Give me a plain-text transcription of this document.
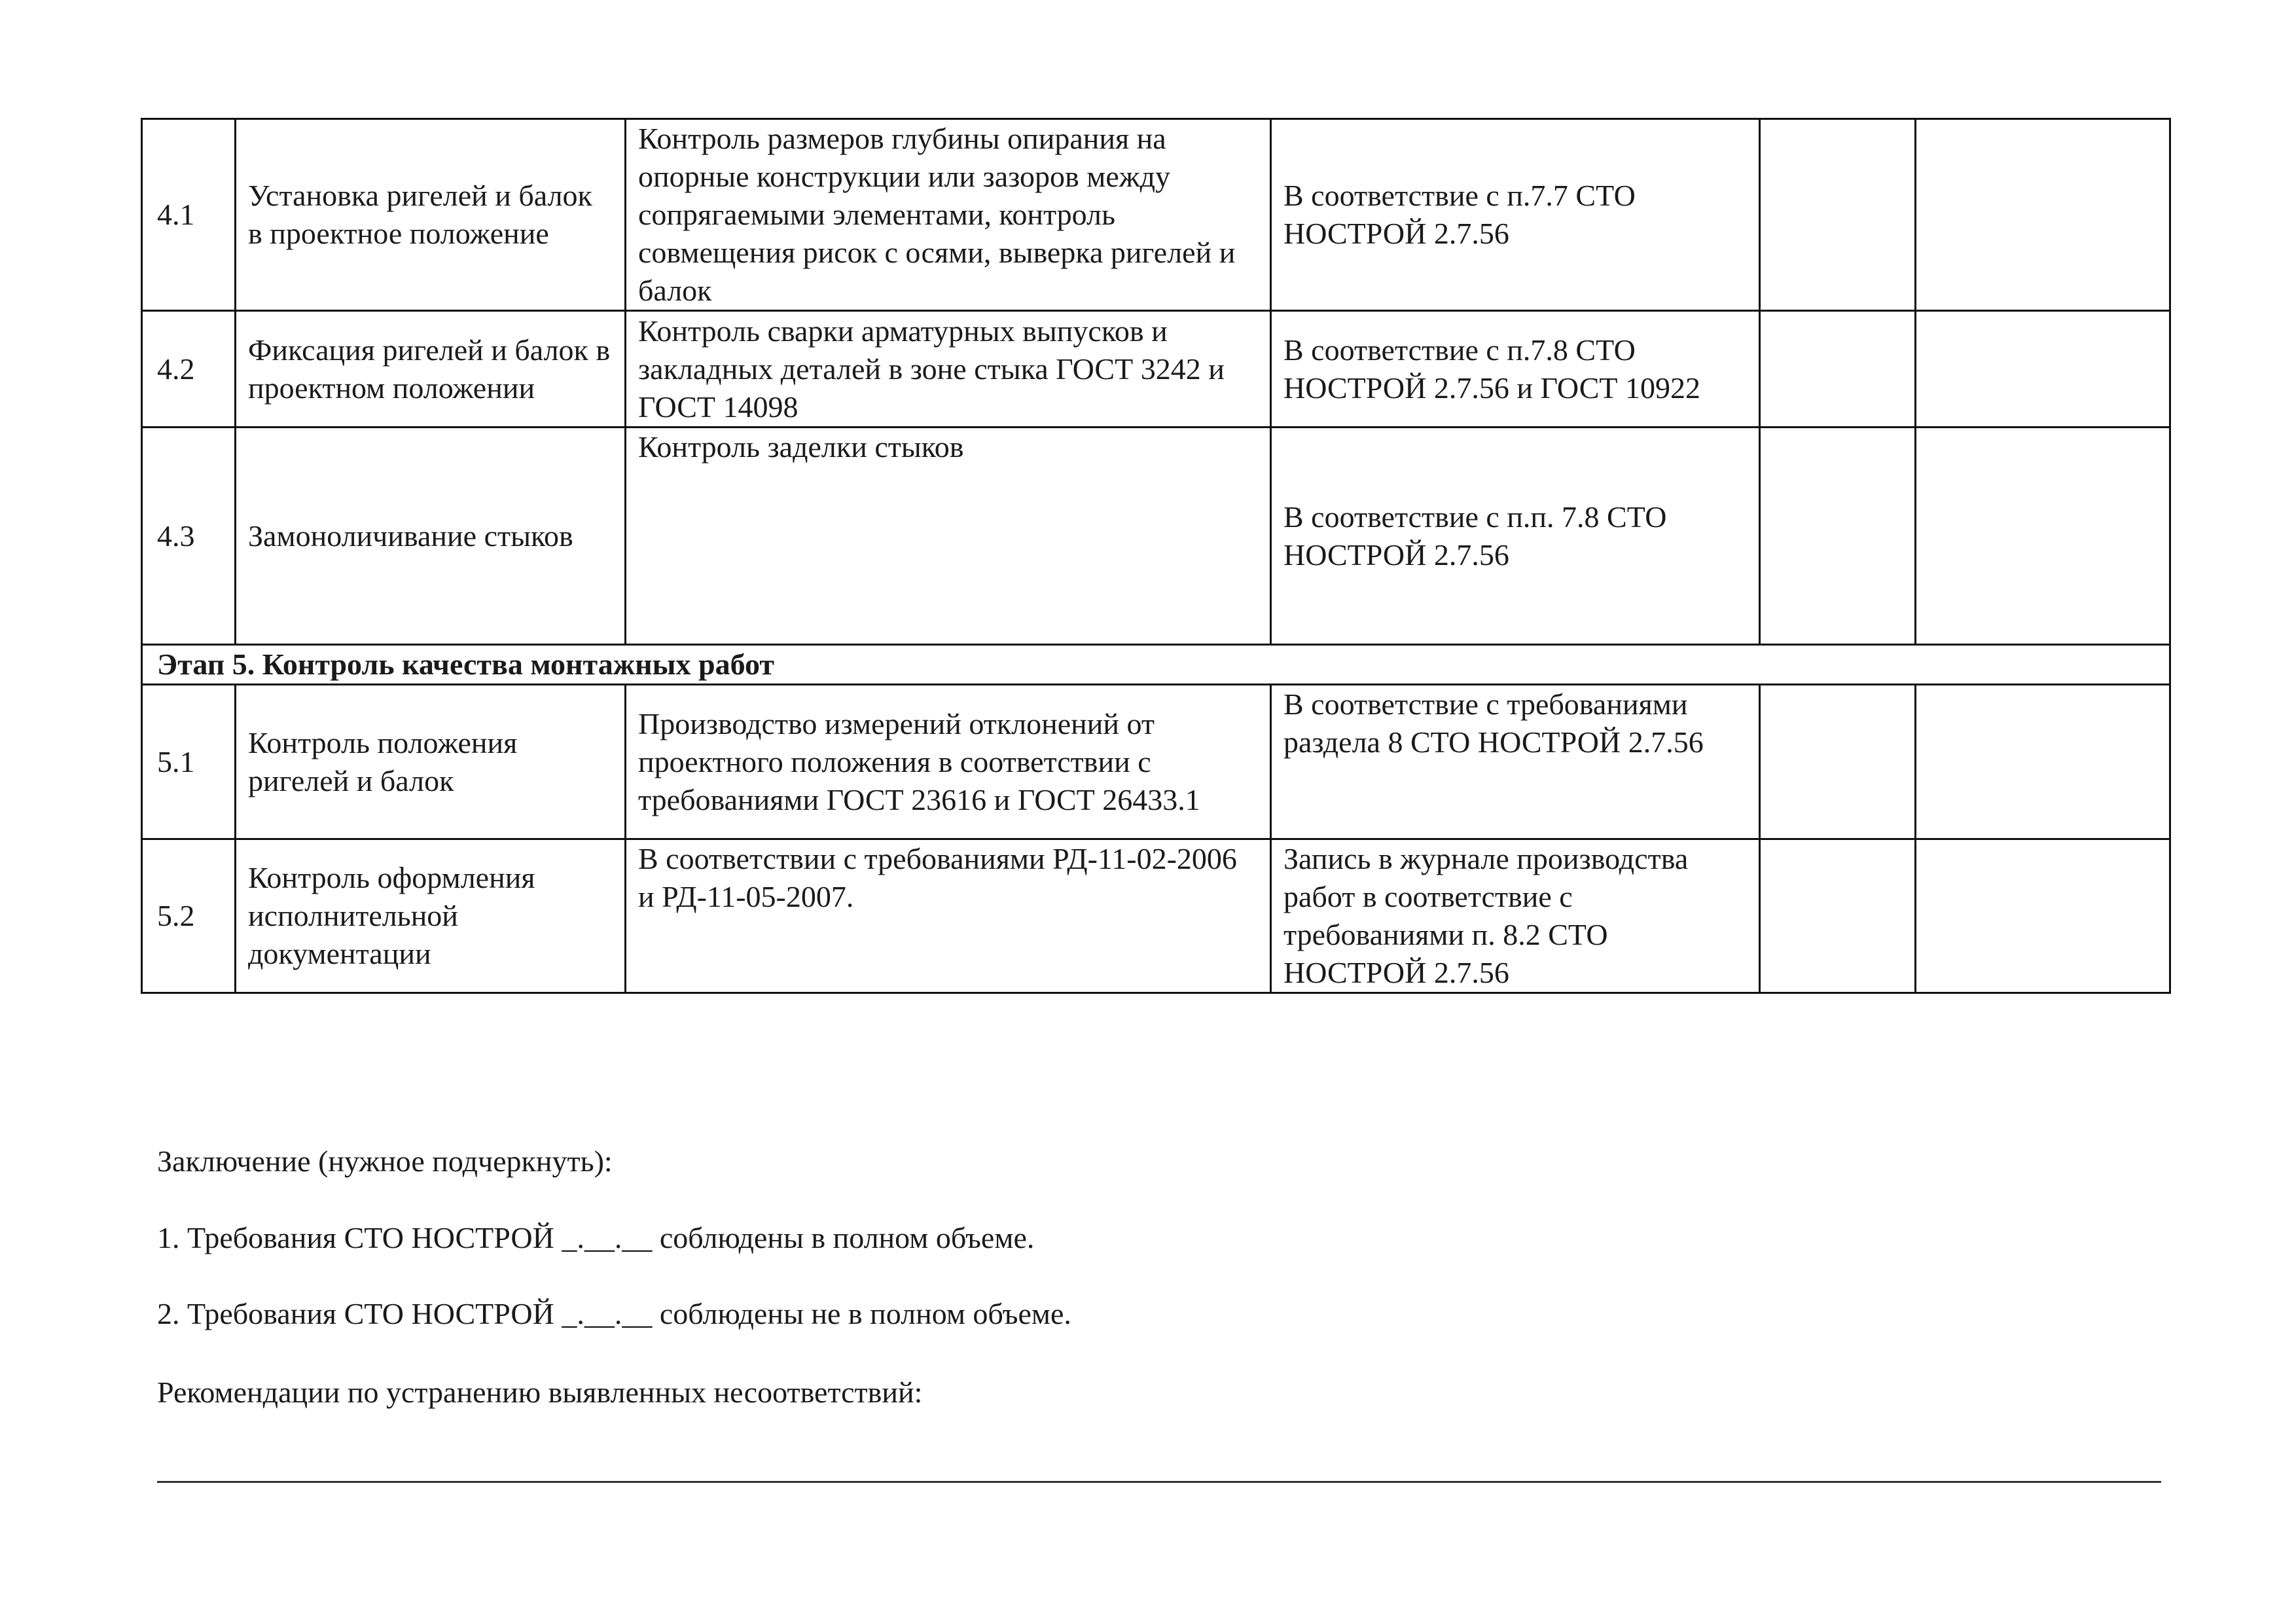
4.1	Установка ригелей и балок в проектное положение	Контроль размеров глубины опирания на опорные конструкции или зазоров между сопрягаемыми элементами, контроль совмещения рисок с осями, выверка ригелей и балок	В соответствие с п.7.7 СТО НОСТРОЙ 2.7.56		
4.2	Фиксация ригелей и балок в проектном положении	Контроль сварки арматурных выпусков и закладных деталей в зоне стыка ГОСТ 3242 и ГОСТ 14098	В соответствие с п.7.8 СТО НОСТРОЙ 2.7.56 и ГОСТ 10922		
4.3	Замоноличивание стыков	Контроль заделки стыков	В соответствие с п.п. 7.8 СТО НОСТРОЙ 2.7.56		
Этап 5. Контроль качества монтажных работ					
5.1	Контроль положения ригелей и балок	Производство измерений отклонений от проектного положения в соответствии с требованиями ГОСТ 23616 и ГОСТ 26433.1	В соответствие с требованиями раздела 8 СТО НОСТРОЙ 2.7.56		
5.2	Контроль оформления исполнительной документации	В соответствии с требованиями РД-11-02-2006 и РД-11-05-2007.	Запись в журнале производства работ в соответствие с требованиями п. 8.2 СТО НОСТРОЙ 2.7.56		
Заключение (нужное подчеркнуть):
1. Требования СТО НОСТРОЙ _.__.__ соблюдены в полном объеме.
2. Требования СТО НОСТРОЙ _.__.__ соблюдены не в полном объеме.
Рекомендации по устранению выявленных несоответствий:
